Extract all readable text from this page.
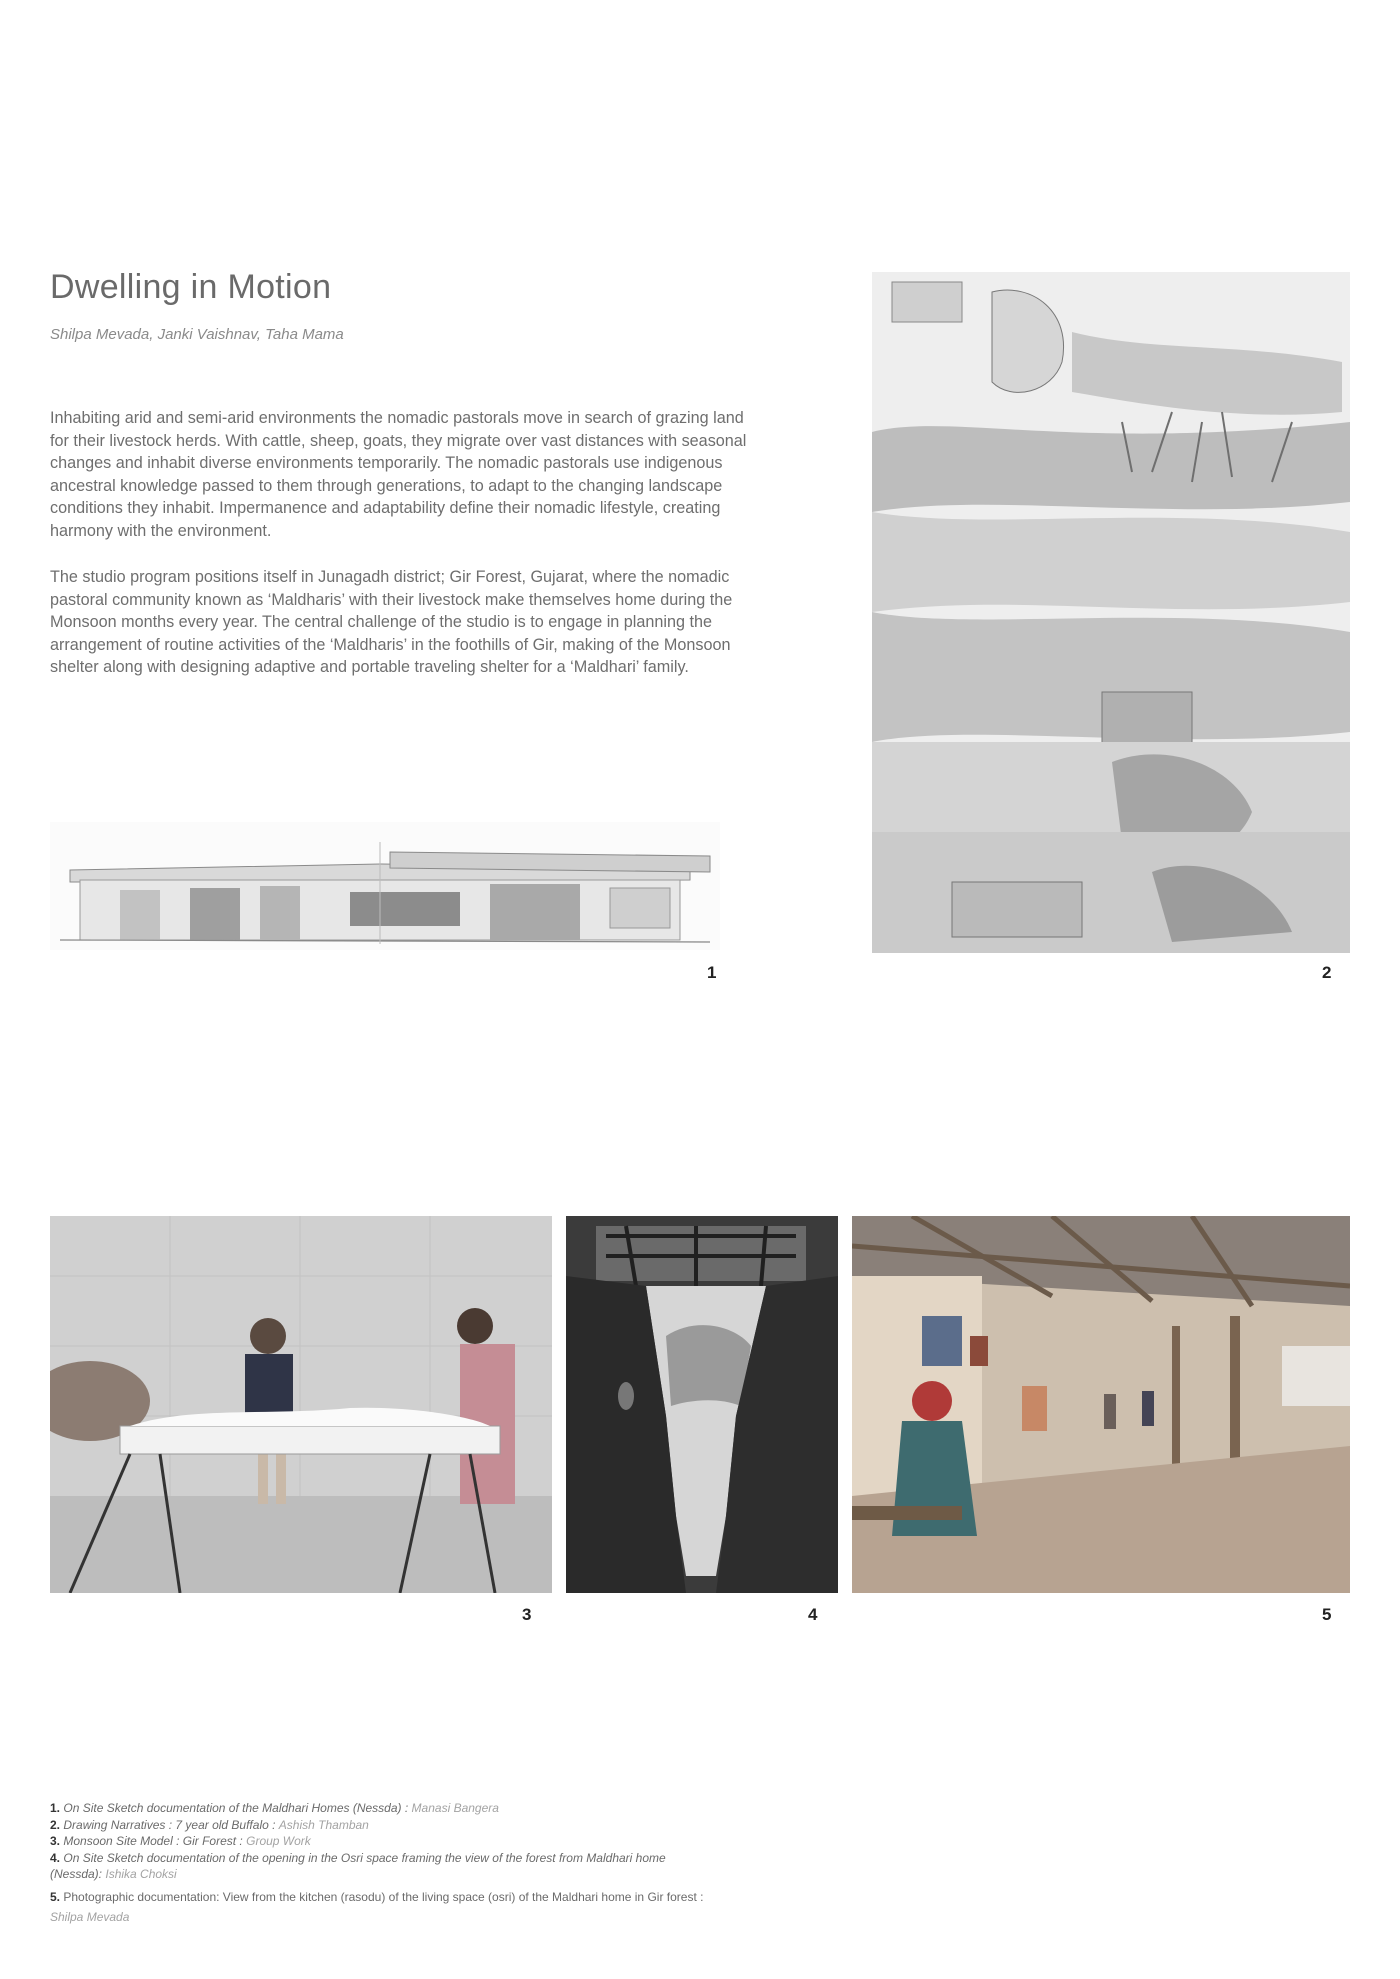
Dwelling in Motion
Shilpa Mevada, Janki Vaishnav, Taha Mama

Inhabiting arid and semi-arid environments the nomadic pastorals move in search of grazing land for their livestock herds. With cattle, sheep, goats, they migrate over vast distances with seasonal changes and inhabit diverse environments temporarily. The nomadic pastorals use indigenous ancestral knowledge passed to them through generations, to adapt to the changing landscape conditions they inhabit. Impermanence and adaptability define their nomadic lifestyle, creating harmony with the environment.

The studio program positions itself in Junagadh district; Gir Forest, Gujarat, where the nomadic pastoral community known as ‘Maldharis’ with their livestock make themselves home during the Monsoon months every year. The central challenge of the studio is to engage in planning the arrangement of routine activities of the ‘Maldharis’ in the foothills of Gir, making of the Monsoon shelter along with designing adaptive and portable traveling shelter for a ‘Maldhari’ family.

1	2
3	4	5

1. On Site Sketch documentation of the Maldhari Homes (Nessda) : Manasi Bangera

2. Drawing Narratives : 7 year old Buffalo : Ashish Thamban

3. Monsoon Site Model : Gir Forest : Group Work

4. On Site Sketch documentation of the opening in the Osri space framing the view of the forest from Maldhari home (Nessda): Ishika Choksi

5. Photographic documentation: View from the kitchen (rasodu) of the living space (osri) of the Maldhari home in Gir forest : Shilpa Mevada
